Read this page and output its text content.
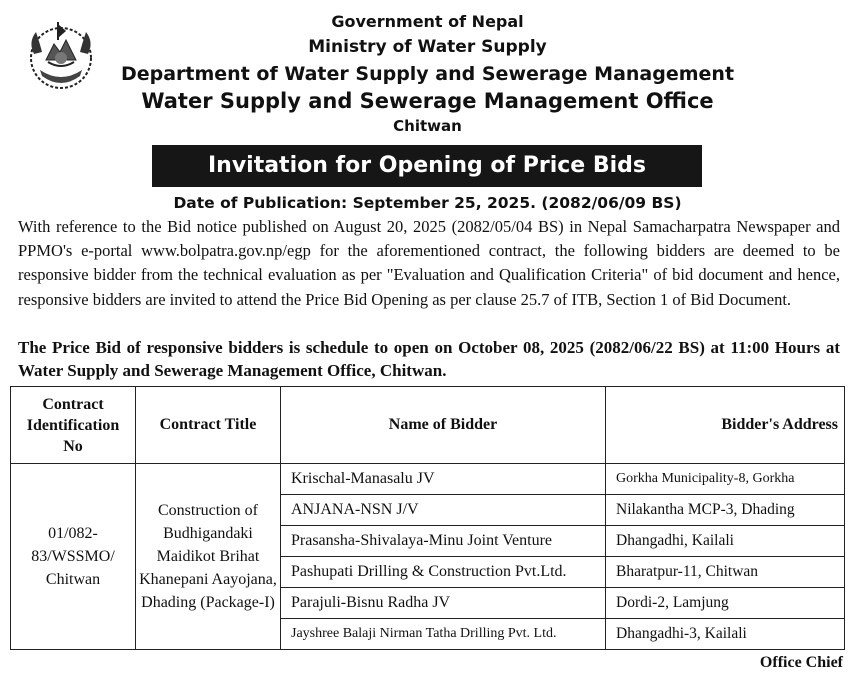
Government of Nepal
Ministry of Water Supply
Department of Water Supply and Sewerage Management
Water Supply and Sewerage Management Office
Chitwan
Invitation for Opening of Price Bids
Date of Publication: September 25, 2025. (2082/06/09 BS)
With reference to the Bid notice published on August 20, 2025 (2082/05/04 BS) in Nepal Samacharpatra Newspaper and PPMO's e-portal www.bolpatra.gov.np/egp for the aforementioned contract, the following bidders are deemed to be responsive bidder from the technical evaluation as per "Evaluation and Qualification Criteria" of bid document and hence, responsive bidders are invited to attend the Price Bid Opening as per clause 25.7 of ITB, Section 1 of Bid Document.
The Price Bid of responsive bidders is schedule to open on October 08, 2025 (2082/06/22 BS) at 11:00 Hours at Water Supply and Sewerage Management Office, Chitwan.
Contract Identification No	Contract Title	Name of Bidder	Bidder's Address
01/082-83/WSSMO/ Chitwan	Construction of Budhigandaki Maidikot Brihat Khanepani Aayojana, Dhading (Package-I)	Krischal-Manasalu JV	Gorkha Municipality-8, Gorkha
		ANJANA-NSN J/V	Nilakantha MCP-3, Dhading
		Prasansha-Shivalaya-Minu Joint Venture	Dhangadhi, Kailali
		Pashupati Drilling & Construction Pvt.Ltd.	Bharatpur-11, Chitwan
		Parajuli-Bisnu Radha JV	Dordi-2, Lamjung
		Jayshree Balaji Nirman Tatha Drilling Pvt. Ltd.	Dhangadhi-3, Kailali
Office Chief
